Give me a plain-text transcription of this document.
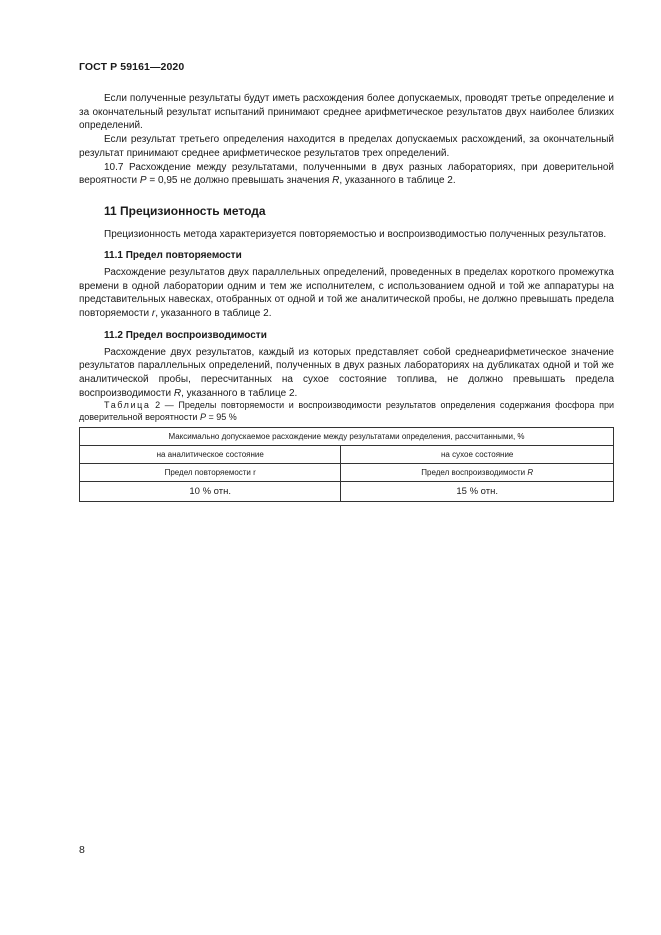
ГОСТ Р 59161—2020

Если полученные результаты будут иметь расхождения более допускаемых, проводят третье определение и за окончательный результат испытаний принимают среднее арифметическое результатов двух наиболее близких определений.

Если результат третьего определения находится в пределах допускаемых расхождений, за окончательный результат принимают среднее арифметическое результатов трех определений.

10.7 Расхождение между результатами, полученными в двух разных лабораториях, при доверительной вероятности P = 0,95 не должно превышать значения R, указанного в таблице 2.

11 Прецизионность метода

Прецизионность метода характеризуется повторяемостью и воспроизводимостью полученных результатов.

11.1 Предел повторяемости

Расхождение результатов двух параллельных определений, проведенных в пределах короткого промежутка времени в одной лаборатории одним и тем же исполнителем, с использованием одной и той же аппаратуры на представительных навесках, отобранных от одной и той же аналитической пробы, не должно превышать предела повторяемости r, указанного в таблице 2.

11.2 Предел воспроизводимости

Расхождение двух результатов, каждый из которых представляет собой среднеарифметическое значение результатов параллельных определений, полученных в двух разных лабораториях на дубликатах одной и той же аналитической пробы, пересчитанных на сухое состояние топлива, не должно превышать предела воспроизводимости R, указанного в таблице 2.

Таблица 2 — Пределы повторяемости и воспроизводимости результатов определения содержания фосфора при доверительной вероятности P = 95 %

Максимально допускаемое расхождение между результатами определения, рассчитанными, %	
на аналитическое состояние	на сухое состояние
Предел повторяемости r	Предел воспроизводимости R
10 % отн.	15 % отн.
8
